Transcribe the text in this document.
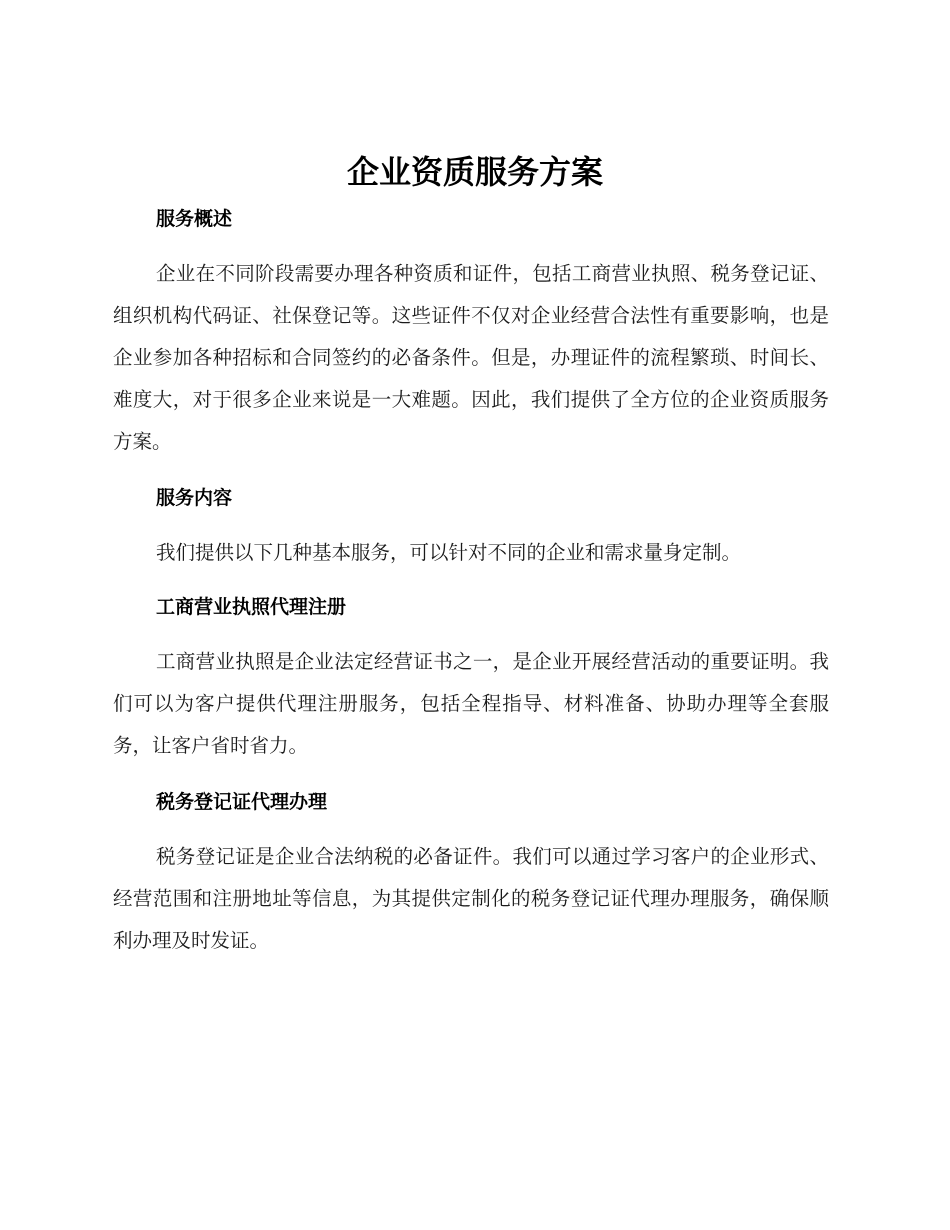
企业资质服务方案
服务概述

企业在不同阶段需要办理各种资质和证件，包括工商营业执照、税务登记证、组织机构代码证、社保登记等。这些证件不仅对企业经营合法性有重要影响，也是企业参加各种招标和合同签约的必备条件。但是，办理证件的流程繁琐、时间长、难度大，对于很多企业来说是一大难题。因此，我们提供了全方位的企业资质服务方案。

服务内容

我们提供以下几种基本服务，可以针对不同的企业和需求量身定制。

工商营业执照代理注册

工商营业执照是企业法定经营证书之一，是企业开展经营活动的重要证明。我们可以为客户提供代理注册服务，包括全程指导、材料准备、协助办理等全套服务，让客户省时省力。

税务登记证代理办理

税务登记证是企业合法纳税的必备证件。我们可以通过学习客户的企业形式、经营范围和注册地址等信息，为其提供定制化的税务登记证代理办理服务，确保顺利办理及时发证。
